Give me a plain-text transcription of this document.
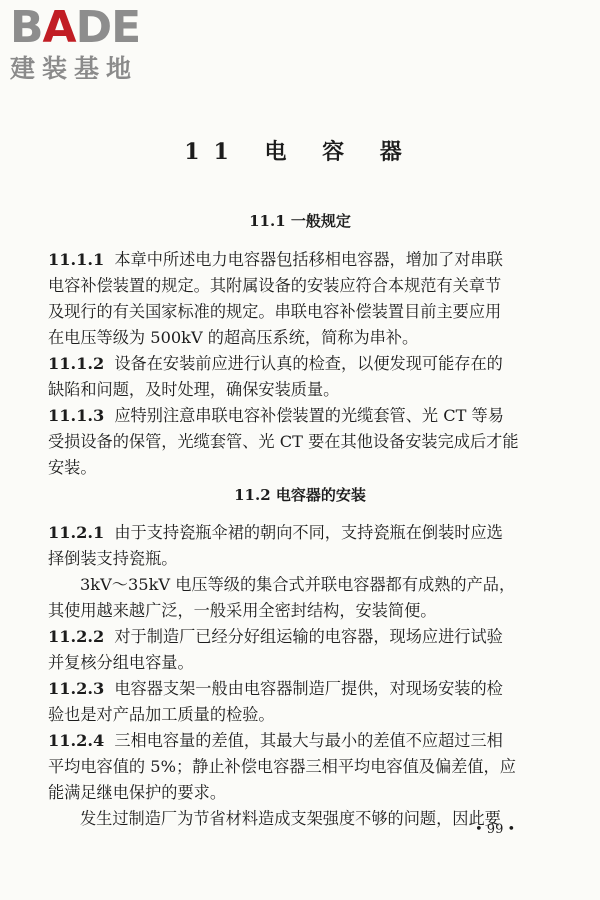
B A DE
建装基地
11 电 容 器
11.1 一般规定
11.1.1 本章中所述电力电容器包括移相电容器，增加了对串联
电容补偿装置的规定。其附属设备的安装应符合本规范有关章节
及现行的有关国家标准的规定。串联电容补偿装置目前主要应用
在电压等级为 500kV 的超高压系统，简称为串补。
11.1.2 设备在安装前应进行认真的检查，以便发现可能存在的
缺陷和问题，及时处理，确保安装质量。
11.1.3 应特别注意串联电容补偿装置的光缆套管、光 CT 等易
受损设备的保管，光缆套管、光 CT 要在其他设备安装完成后才能
安装。
11.2 电容器的安装
11.2.1 由于支持瓷瓶伞裙的朝向不同，支持瓷瓶在倒装时应选
择倒装支持瓷瓶。
3kV～35kV 电压等级的集合式并联电容器都有成熟的产品，
其使用越来越广泛，一般采用全密封结构，安装简便。
11.2.2 对于制造厂已经分好组运输的电容器，现场应进行试验
并复核分组电容量。
11.2.3 电容器支架一般由电容器制造厂提供，对现场安装的检
验也是对产品加工质量的检验。
11.2.4 三相电容量的差值，其最大与最小的差值不应超过三相
平均电容值的 5%；静止补偿电容器三相平均电容值及偏差值，应
能满足继电保护的要求。
发生过制造厂为节省材料造成支架强度不够的问题，因此要
• 99 •
